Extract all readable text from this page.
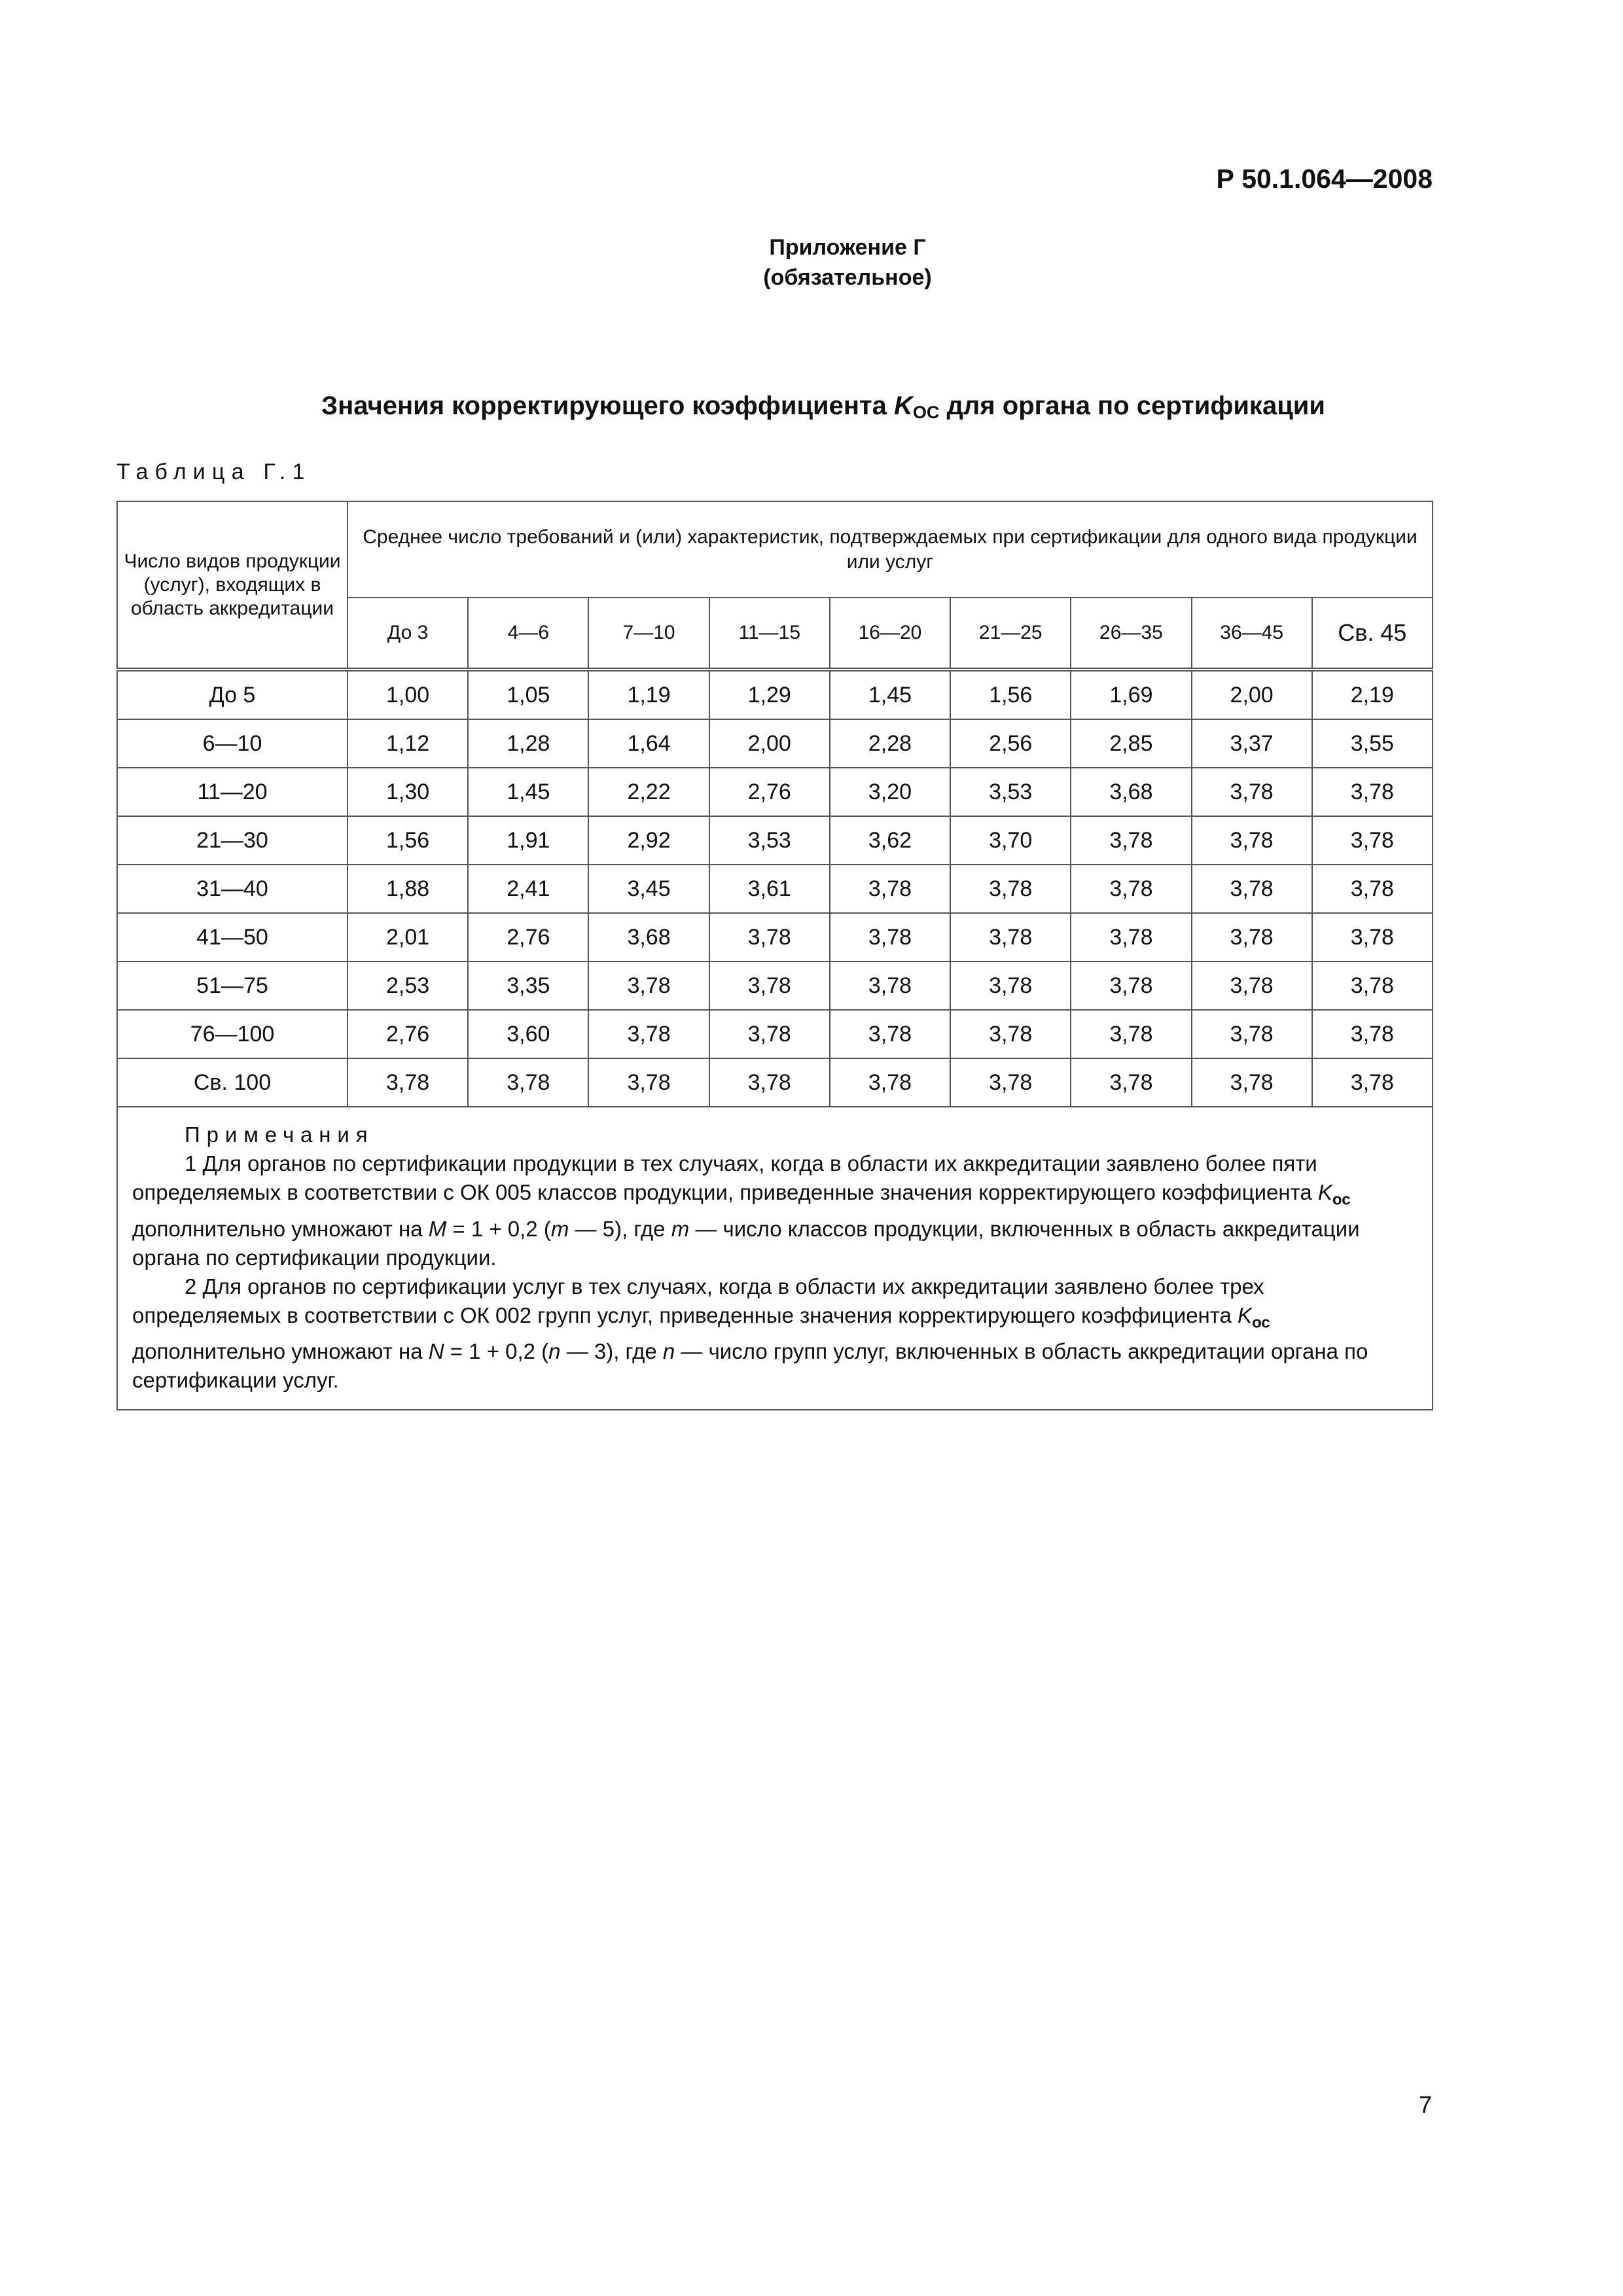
Р 50.1.064—2008
Приложение Г
(обязательное)
Значения корректирующего коэффициента $K_{ОС}$ для органа по сертификации
Таблица Г.1
Число видов продукции (услуг), входящих в область аккредитации	Среднее число требований и (или) характеристик, подтверждаемых при сертификации для одного вида продукции или услуг								
	До 3	4—6	7—10	11—15	16—20	21—25	26—35	36—45	Св. 45
До 5	1,00	1,05	1,19	1,29	1,45	1,56	1,69	2,00	2,19
6—10	1,12	1,28	1,64	2,00	2,28	2,56	2,85	3,37	3,55
11—20	1,30	1,45	2,22	2,76	3,20	3,53	3,68	3,78	3,78
21—30	1,56	1,91	2,92	3,53	3,62	3,70	3,78	3,78	3,78
31—40	1,88	2,41	3,45	3,61	3,78	3,78	3,78	3,78	3,78
41—50	2,01	2,76	3,68	3,78	3,78	3,78	3,78	3,78	3,78
51—75	2,53	3,35	3,78	3,78	3,78	3,78	3,78	3,78	3,78
76—100	2,76	3,60	3,78	3,78	3,78	3,78	3,78	3,78	3,78
Св. 100	3,78	3,78	3,78	3,78	3,78	3,78	3,78	3,78	3,78

Примечания
1 Для органов по сертификации продукции в тех случаях, когда в области их аккредитации заявлено более пяти определяемых в соответствии с ОК 005 классов продукции, приведенные значения корректирующего коэффициента $K_{ос}$ дополнительно умножают на M = 1 + 0,2 (m — 5), где m — число классов продукции, включенных в область аккредитации органа по сертификации продукции.
2 Для органов по сертификации услуг в тех случаях, когда в области их аккредитации заявлено более трех определяемых в соответствии с ОК 002 групп услуг, приведенные значения корректирующего коэффициента $K_{ос}$ дополнительно умножают на N = 1 + 0,2 (n — 3), где n — число групп услуг, включенных в область аккредитации органа по сертификации услуг.									
7
